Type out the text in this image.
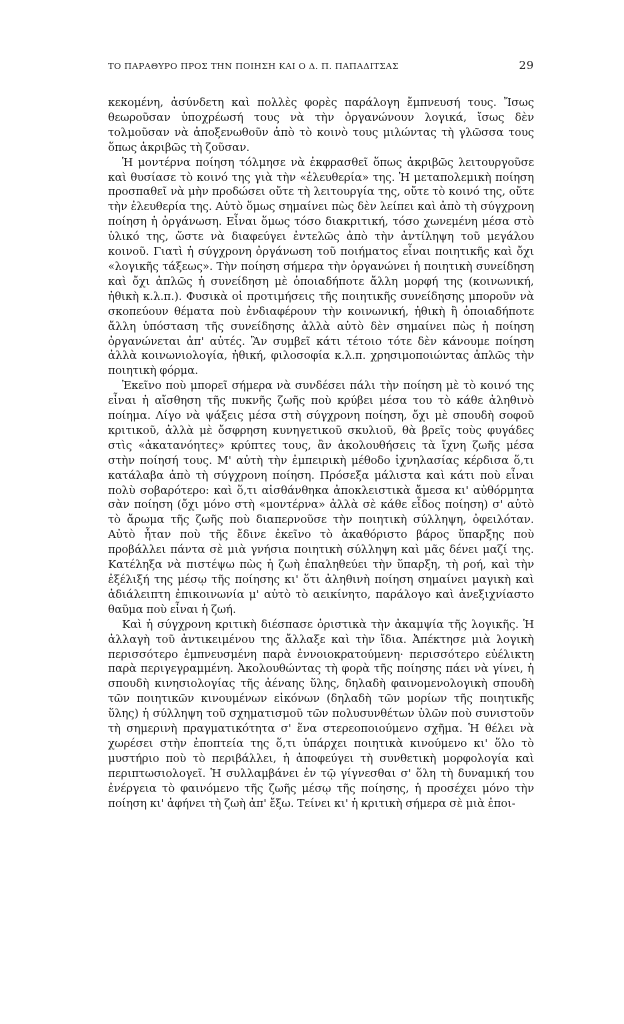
ΤΟ ΠΑΡΑΘΥΡΟ ΠΡΟΣ ΤΗΝ ΠΟΙΗΣΗ ΚΑΙ Ο Δ. Π. ΠΑΠΑΔΙΤΣΑΣ	29

κεκομένη, ἀσύνδετη καὶ πολλὲς φορὲς παράλογη ἔμπνευσή τους. Ἴσως θεωροῦσαν ὑποχρέωσή τους νὰ τὴν ὀργανώνουν λογικά, ἴσως δὲν τολμοῦσαν νὰ ἀποξενωθοῦν ἀπὸ τὸ κοινὸ τους μιλώντας τὴ γλῶσσα τους ὅπως ἀκριβῶς τὴ ζοῦσαν.

Ἡ μοντέρνα ποίηση τόλμησε νὰ ἐκφρασθεῖ ὅπως ἀκριβῶς λειτουργοῦσε καὶ θυσίασε τὸ κοινό της γιὰ τὴν «ἐλευθερία» της. Ἡ μεταπολεμικὴ ποίηση προσπαθεῖ νὰ μὴν προδώσει οὔτε τὴ λειτουργία της, οὔτε τὸ κοινό της, οὔτε τὴν ἐλευθερία της. Αὐτὸ ὅμως σημαίνει πὼς δὲν λείπει καὶ ἀπὸ τὴ σύγχρονη ποίηση ἡ ὀργάνωση. Εἶναι ὅμως τόσο διακριτική, τόσο χωνεμένη μέσα στὸ ὑλικό της, ὥστε νὰ διαφεύγει ἐντελῶς ἀπὸ τὴν ἀντίληψη τοῦ μεγάλου κοινοῦ. Γιατὶ ἡ σύγχρονη ὀργάνωση τοῦ ποιήματος εἶναι ποιητικῆς καὶ ὄχι «λογικῆς τάξεως». Τὴν ποίηση σήμερα τὴν ὀργανώνει ἡ ποιητικὴ συνείδηση καὶ ὄχι ἁπλῶς ἡ συνείδηση μὲ ὁποιαδήποτε ἄλλη μορφή της (κοινωνική, ἠθικὴ κ.λ.π.). Φυσικὰ οἱ προτιμήσεις τῆς ποιητικῆς συνείδησης μποροῦν νὰ σκοπεύουν θέματα ποὺ ἐνδιαφέρουν τὴν κοινωνική, ἠθικὴ ἢ ὁποιαδήποτε ἄλλη ὑπόσταση τῆς συνείδησης ἀλλὰ αὐτὸ δὲν σημαίνει πὼς ἡ ποίηση ὀργανώνεται ἀπ' αὐτές. Ἂν συμβεῖ κάτι τέτοιο τότε δὲν κάνουμε ποίηση ἀλλὰ κοινωνιολογία, ἠθική, φιλοσοφία κ.λ.π. χρησιμοποιώντας ἁπλῶς τὴν ποιητικὴ φόρμα.

Ἐκεῖνο ποὺ μπορεῖ σήμερα νὰ συνδέσει πάλι τὴν ποίηση μὲ τὸ κοινό της εἶναι ἡ αἴσθηση τῆς πυκνῆς ζωῆς ποὺ κρύβει μέσα του τὸ κάθε ἀληθινὸ ποίημα. Λίγο νὰ ψάξεις μέσα στὴ σύγχρονη ποίηση, ὄχι μὲ σπουδὴ σοφοῦ κριτικοῦ, ἀλλὰ μὲ ὄσφρηση κυνηγετικοῦ σκυλιοῦ, θὰ βρεῖς τοὺς φυγάδες στὶς «ἀκατανόητες» κρύπτες τους, ἂν ἀκολουθήσεις τὰ ἴχνη ζωῆς μέσα στὴν ποίησή τους. Μ' αὐτὴ τὴν ἐμπειρικὴ μέθοδο ἰχνηλασίας κέρδισα ὅ,τι κατάλαβα ἀπὸ τὴ σύγχρονη ποίηση. Πρόσεξα μάλιστα καὶ κάτι ποὺ εἶναι πολὺ σοβαρότερο: καὶ ὅ,τι αἰσθάνθηκα ἀποκλειστικὰ ἄμεσα κι' αὐθόρμητα σὰν ποίηση (ὄχι μόνο στὴ «μοντέρνα» ἀλλὰ σὲ κάθε εἶδος ποίηση) σ' αὐτὸ τὸ ἄρωμα τῆς ζωῆς ποὺ διαπερνοῦσε τὴν ποιητικὴ σύλληψη, ὀφειλόταν. Αὐτὸ ἦταν ποὺ τῆς ἔδινε ἐκεῖνο τὸ ἀκαθόριστο βάρος ὕπαρξης ποὺ προβάλλει πάντα σὲ μιὰ γνήσια ποιητικὴ σύλληψη καὶ μᾶς δένει μαζί της. Κατέληξα νὰ πιστέψω πὼς ἡ ζωὴ ἐπαληθεύει τὴν ὕπαρξη, τὴ ροή, καὶ τὴν ἐξέλιξή της μέσῳ τῆς ποίησης κι' ὅτι ἀληθινὴ ποίηση σημαίνει μαγικὴ καὶ ἀδιάλειπτη ἐπικοινωνία μ' αὐτὸ τὸ αεικίνητο, παράλογο καὶ ἀνεξιχνίαστο θαῦμα ποὺ εἶναι ἡ ζωή.

Καὶ ἡ σύγχρονη κριτικὴ διέσπασε ὁριστικὰ τὴν ἀκαμψία τῆς λογικῆς. Ἡ ἀλλαγὴ τοῦ ἀντικειμένου της ἄλλαξε καὶ τὴν ἴδια. Ἀπέκτησε μιὰ λογικὴ περισσότερο ἐμπνευσμένη παρὰ ἐννοιοκρατούμενη· περισσότερο εὐέλικτη παρὰ περιγεγραμμένη. Ἀκολουθώντας τὴ φορὰ τῆς ποίησης πάει νὰ γίνει, ἡ σπουδὴ κινησιολογίας τῆς ἀέναης ὕλης, δηλαδὴ φαινομενολογικὴ σπουδὴ τῶν ποιητικῶν κινουμένων εἰκόνων (δηλαδὴ τῶν μορίων τῆς ποιητικῆς ὕλης) ἡ σύλληψη τοῦ σχηματισμοῦ τῶν πολυσυνθέτων ὑλῶν ποὺ συνιστοῦν τὴ σημερινὴ πραγματικότητα σ' ἕνα στερεοποιούμενο σχῆμα. Ἡ θέλει νὰ χωρέσει στὴν ἐποπτεία της ὅ,τι ὑπάρχει ποιητικὰ κινούμενο κι' ὅλο τὸ μυστήριο ποὺ τὸ περιβάλλει, ἡ ἀποφεύγει τὴ συνθετικὴ μορφολογία καὶ περιπτωσιολογεῖ. Ἡ συλλαμβάνει ἐν τῷ γίγνεσθαι σ' ὅλη τὴ δυναμική του ἐνέργεια τὸ φαινόμενο τῆς ζωῆς μέσῳ τῆς ποίησης, ἡ προσέχει μόνο τὴν ποίηση κι' ἀφήνει τὴ ζωὴ ἀπ' ἔξω. Τείνει κι' ἡ κριτικὴ σήμερα σὲ μιὰ ἐποι-
